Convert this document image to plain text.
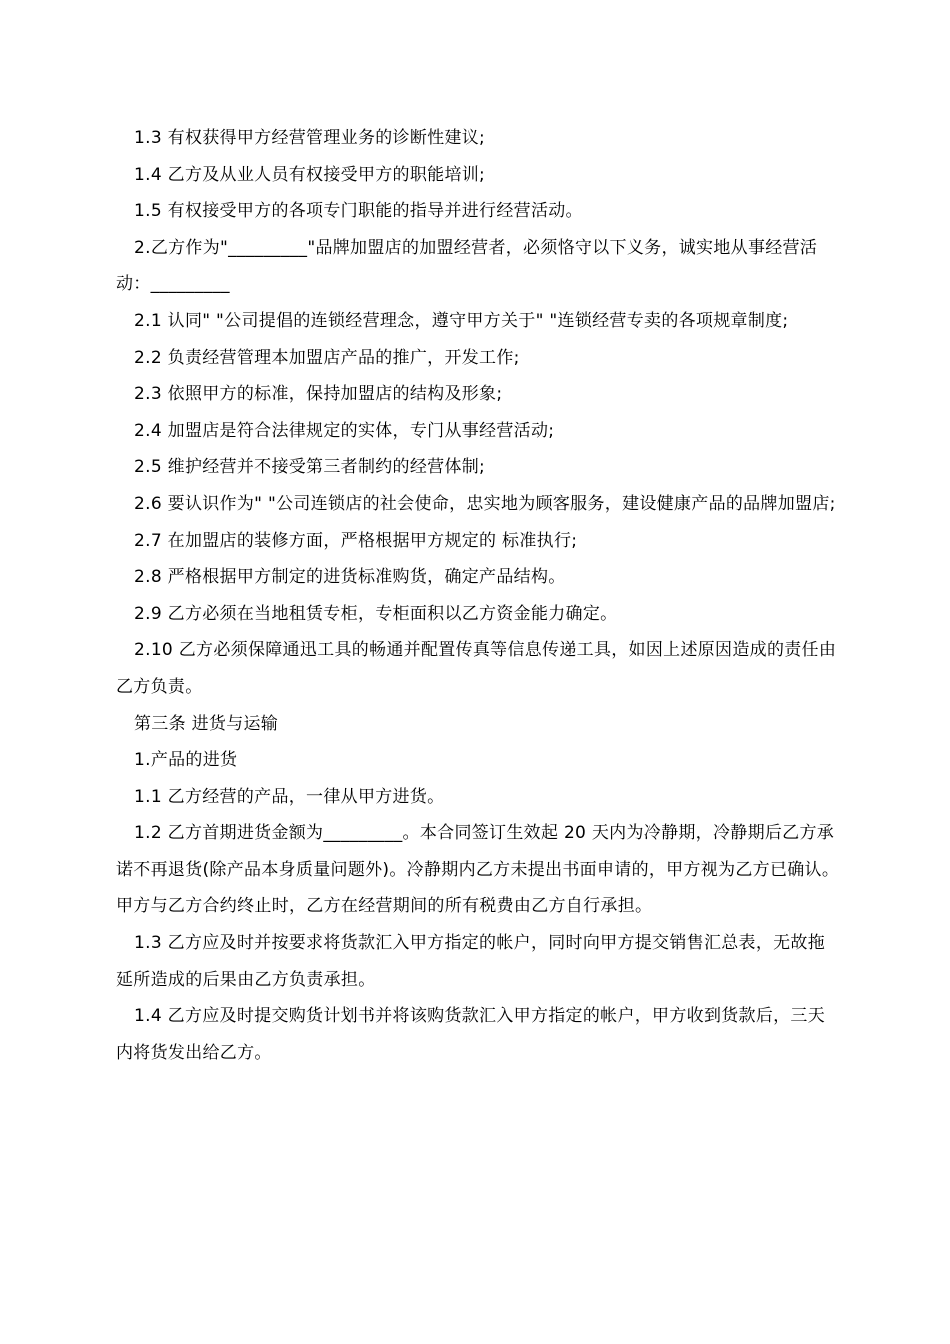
1.3 有权获得甲方经营管理业务的诊断性建议;

1.4 乙方及从业人员有权接受甲方的职能培训;

1.5 有权接受甲方的各项专门职能的指导并进行经营活动。

2.乙方作为"_________"品牌加盟店的加盟经营者，必须恪守以下义务，诚实地从事经营活动：_________

2.1 认同" "公司提倡的连锁经营理念，遵守甲方关于" "连锁经营专卖的各项规章制度;

2.2 负责经营管理本加盟店产品的推广，开发工作;

2.3 依照甲方的标准，保持加盟店的结构及形象;

2.4 加盟店是符合法律规定的实体，专门从事经营活动;

2.5 维护经营并不接受第三者制约的经营体制;

2.6 要认识作为" "公司连锁店的社会使命，忠实地为顾客服务，建设健康产品的品牌加盟店;

2.7 在加盟店的装修方面，严格根据甲方规定的 标准执行;

2.8 严格根据甲方制定的进货标准购货，确定产品结构。

2.9 乙方必须在当地租赁专柜，专柜面积以乙方资金能力确定。

2.10 乙方必须保障通迅工具的畅通并配置传真等信息传递工具，如因上述原因造成的责任由乙方负责。

第三条 进货与运输

1.产品的进货

1.1 乙方经营的产品，一律从甲方进货。

1.2 乙方首期进货金额为_________。本合同签订生效起 20 天内为冷静期，冷静期后乙方承诺不再退货(除产品本身质量问题外)。冷静期内乙方未提出书面申请的，甲方视为乙方已确认。甲方与乙方合约终止时，乙方在经营期间的所有税费由乙方自行承担。

1.3 乙方应及时并按要求将货款汇入甲方指定的帐户，同时向甲方提交销售汇总表，无故拖延所造成的后果由乙方负责承担。

1.4 乙方应及时提交购货计划书并将该购货款汇入甲方指定的帐户，甲方收到货款后，三天内将货发出给乙方。
